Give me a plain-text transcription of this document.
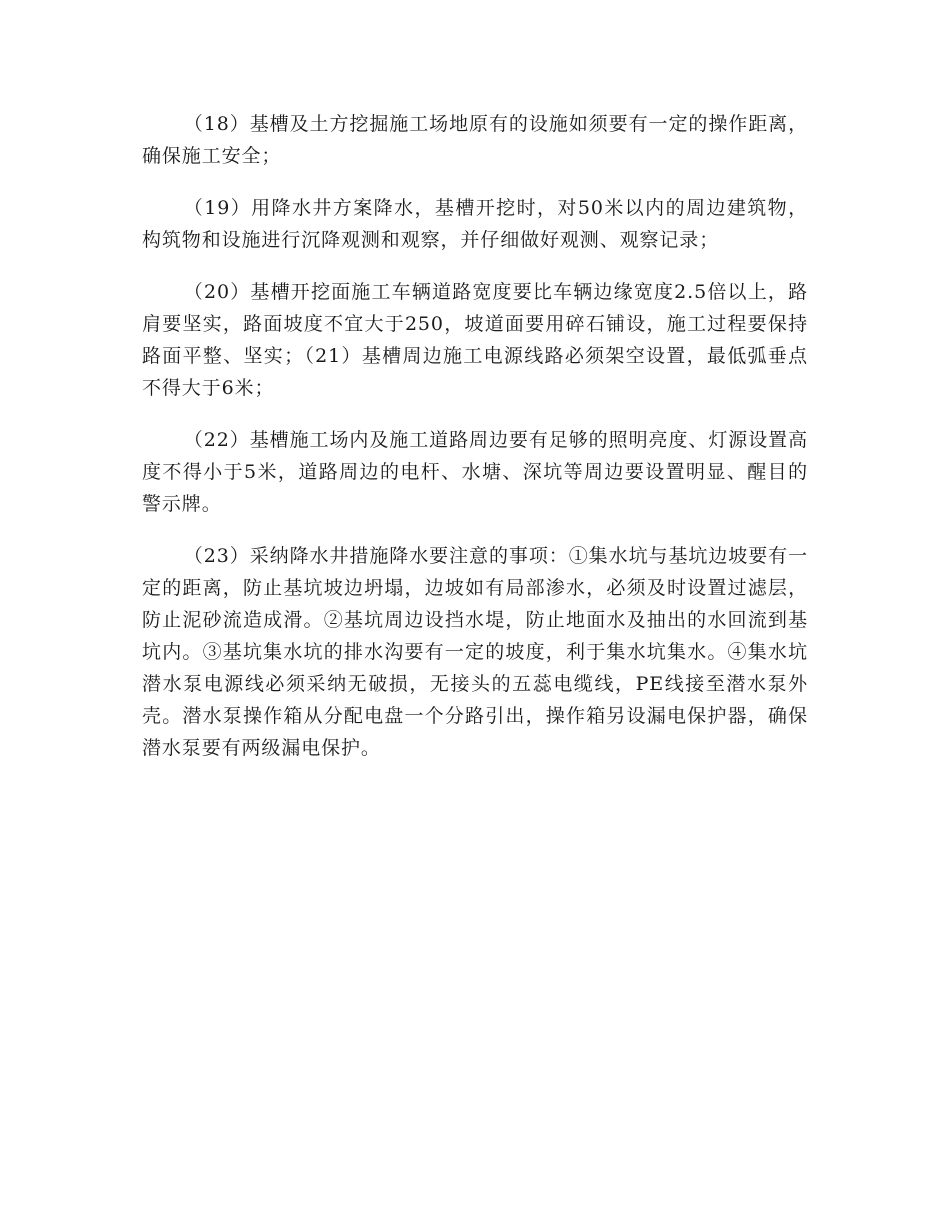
（18）基槽及土方挖掘施工场地原有的设施如须要有一定的操作距离，确保施工安全；

（19）用降水井方案降水，基槽开挖时，对50米以内的周边建筑物，构筑物和设施进行沉降观测和观察，并仔细做好观测、观察记录；

（20）基槽开挖面施工车辆道路宽度要比车辆边缘宽度2.5倍以上，路肩要坚实，路面坡度不宜大于250，坡道面要用碎石铺设，施工过程要保持路面平整、坚实；（21）基槽周边施工电源线路必须架空设置，最低弧垂点不得大于6米；

（22）基槽施工场内及施工道路周边要有足够的照明亮度、灯源设置高度不得小于5米，道路周边的电杆、水塘、深坑等周边要设置明显、醒目的警示牌。

（23）采纳降水井措施降水要注意的事项：①集水坑与基坑边坡要有一定的距离，防止基坑坡边坍塌，边坡如有局部渗水，必须及时设置过滤层，防止泥砂流造成滑。②基坑周边设挡水堤，防止地面水及抽出的水回流到基坑内。③基坑集水坑的排水沟要有一定的坡度，利于集水坑集水。④集水坑潜水泵电源线必须采纳无破损，无接头的五蕊电缆线，PE线接至潜水泵外壳。潜水泵操作箱从分配电盘一个分路引出，操作箱另设漏电保护器，确保潜水泵要有两级漏电保护。
